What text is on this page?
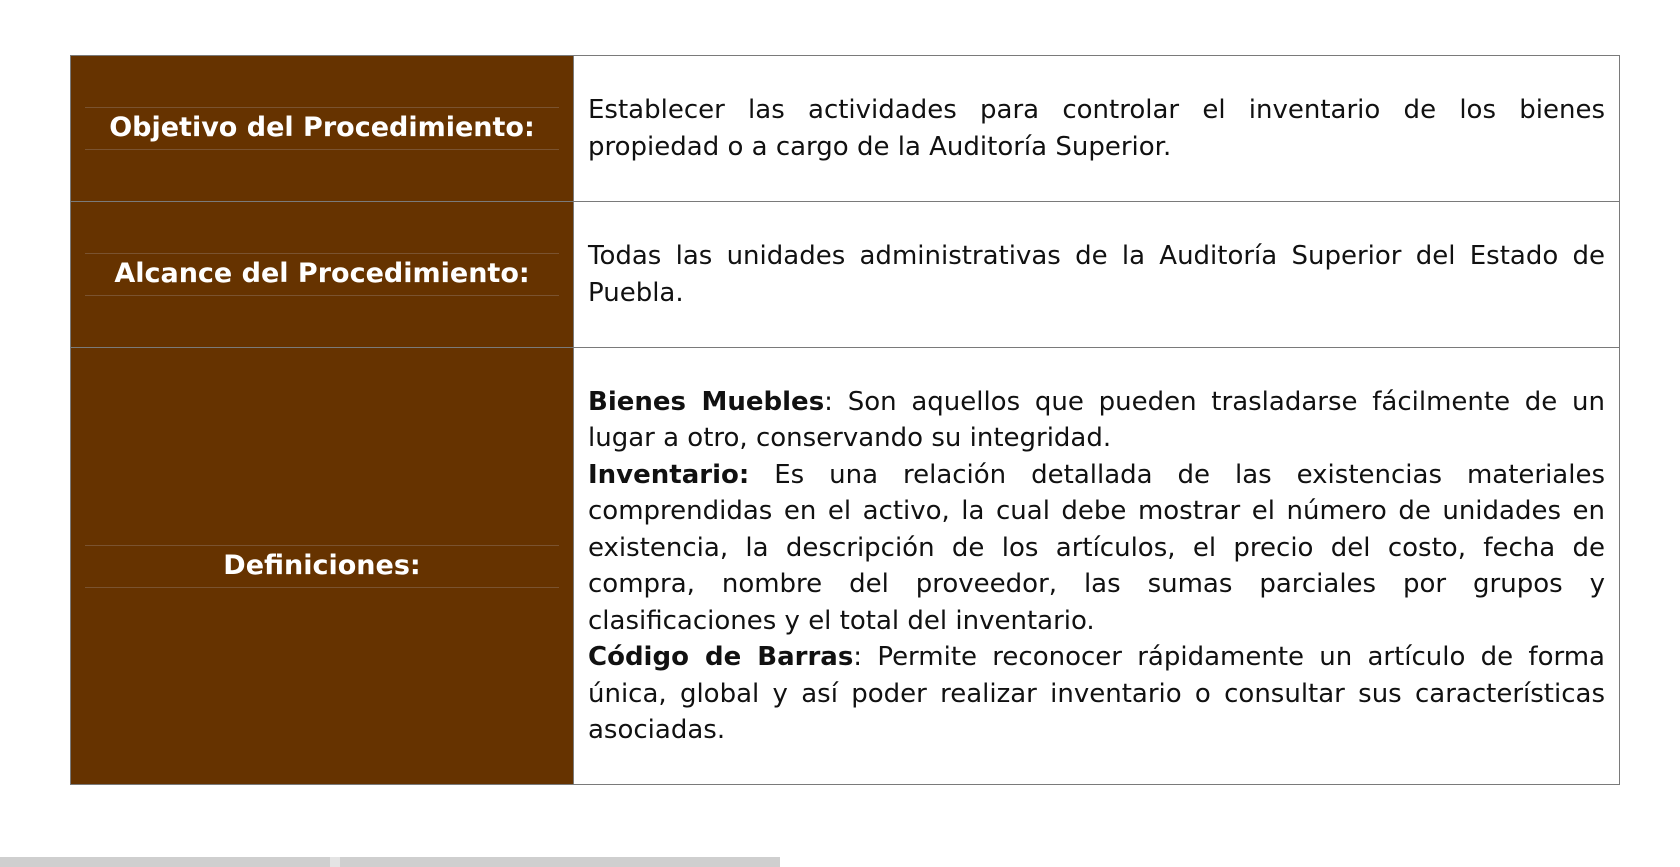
Objetivo del Procedimiento:	Establecer las actividades para controlar el inventario de los bienes propiedad o a cargo de la Auditoría Superior.

Alcance del Procedimiento:	Todas las unidades administrativas de la Auditoría Superior del Estado de Puebla.

Definiciones:	Bienes Muebles: Son aquellos que pueden trasladarse fácilmente de un lugar a otro, conservando su integridad.

Inventario: Es una relación detallada de las existencias materiales comprendidas en el activo, la cual debe mostrar el número de unidades en existencia, la descripción de los artículos, el precio del costo, fecha de compra, nombre del proveedor, las sumas parciales por grupos y clasificaciones y el total del inventario.

Código de Barras: Permite reconocer rápidamente un artículo de forma única, global y así poder realizar inventario o consultar sus características asociadas.
